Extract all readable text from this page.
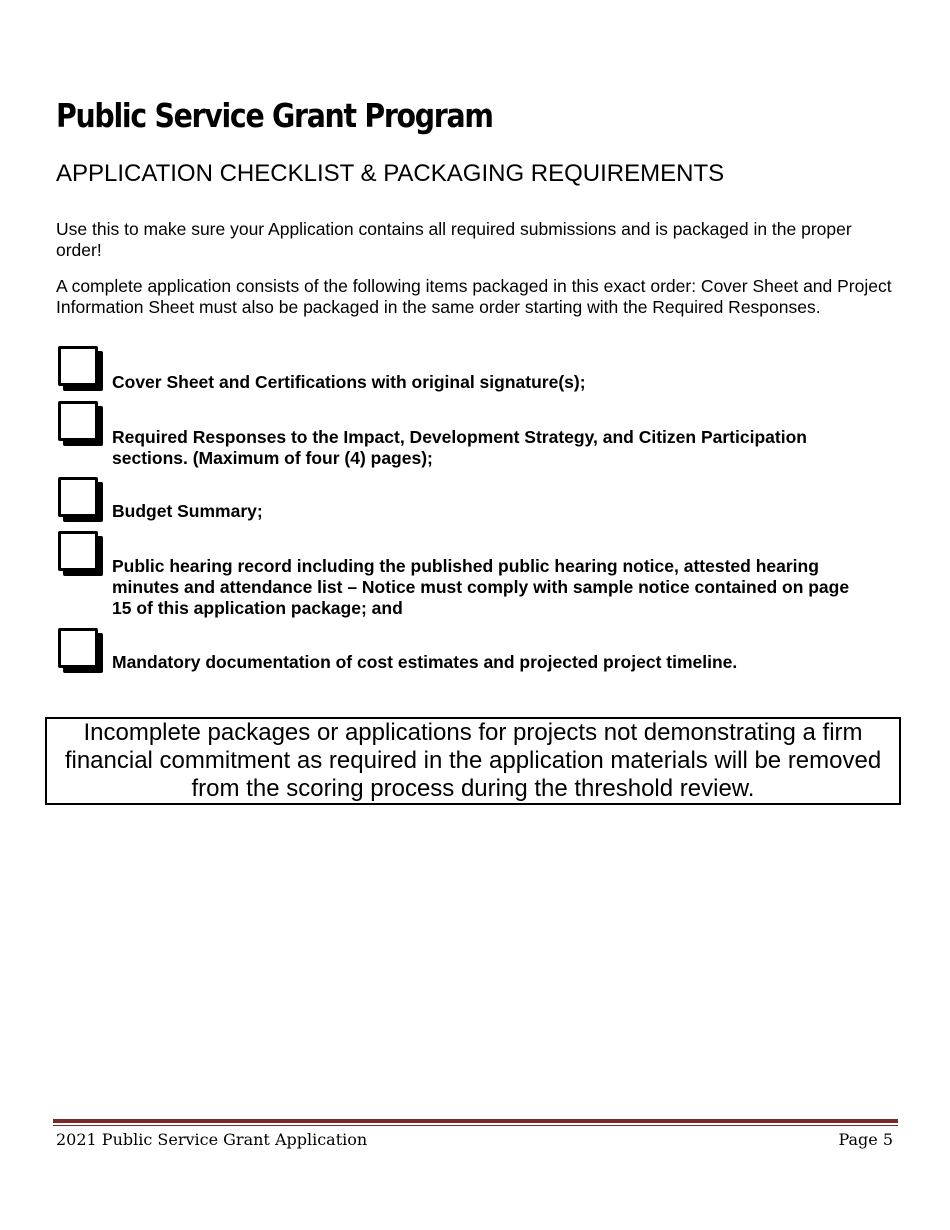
Public Service Grant Program
APPLICATION CHECKLIST & PACKAGING REQUIREMENTS

Use this to make sure your Application contains all required submissions and is packaged in the proper order!

A complete application consists of the following items packaged in this exact order: Cover Sheet and Project Information Sheet must also be packaged in the same order starting with the Required Responses.

Cover Sheet and Certifications with original signature(s);
Required Responses to the Impact, Development Strategy, and Citizen Participation sections. (Maximum of four (4) pages);
Budget Summary;
Public hearing record including the published public hearing notice, attested hearing minutes and attendance list – Notice must comply with sample notice contained on page 15 of this application package; and
Mandatory documentation of cost estimates and projected project timeline.
Incomplete packages or applications for projects not demonstrating a firm financial commitment as required in the application materials will be removed from the scoring process during the threshold review.
2021 Public Service Grant Application	Page 5
